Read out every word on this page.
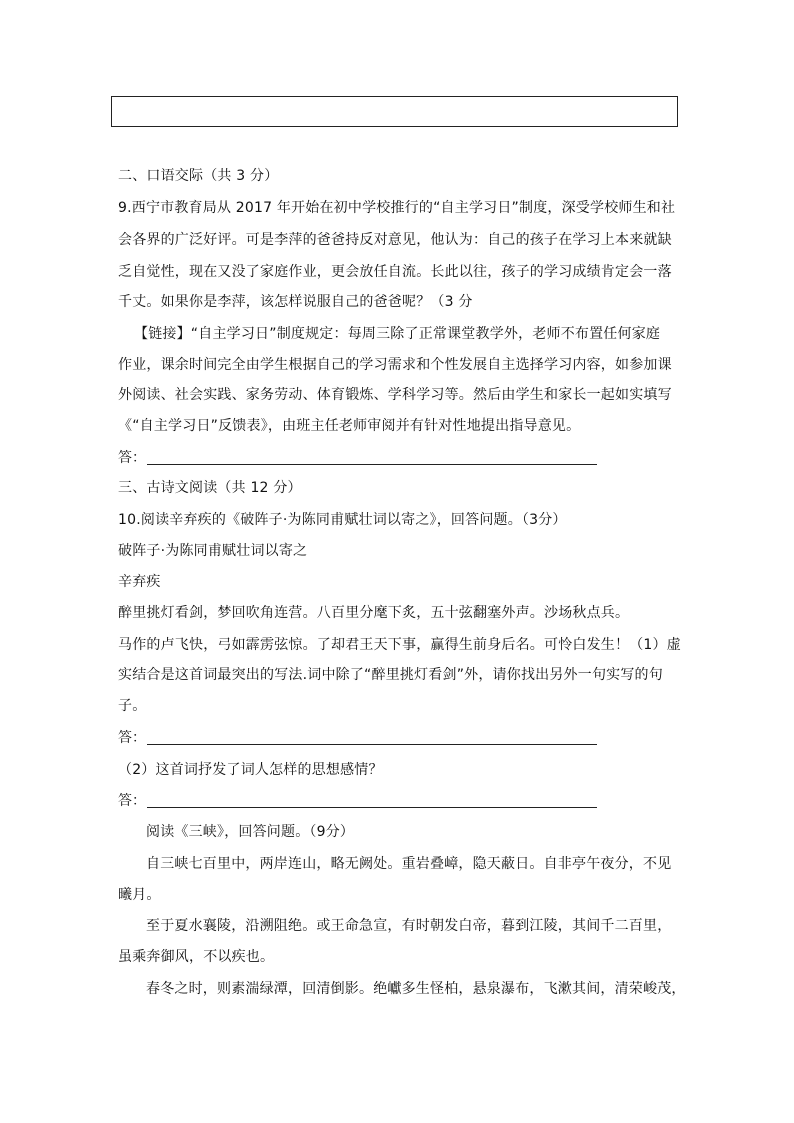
二、口语交际（共 3 分）
9.西宁市教育局从 2017 年开始在初中学校推行的“自主学习日”制度，深受学校师生和社
会各界的广泛好评。可是李萍的爸爸持反对意见，他认为：自己的孩子在学习上本来就缺
乏自觉性，现在又没了家庭作业，更会放任自流。长此以往，孩子的学习成绩肯定会一落
千丈。如果你是李萍，该怎样说服自己的爸爸呢？（3 分
【链接】“自主学习日”制度规定：每周三除了正常课堂教学外，老师不布置任何家庭
作业，课余时间完全由学生根据自己的学习需求和个性发展自主选择学习内容，如参加课
外阅读、社会实践、家务劳动、体育锻炼、学科学习等。然后由学生和家长一起如实填写
《“自主学习日”反馈表》，由班主任老师审阅并有针对性地提出指导意见。
答：
三、古诗文阅读（共 12 分）
10.阅读辛弃疾的《破阵子·为陈同甫赋壮词以寄之》，回答问题。（3分）
破阵子·为陈同甫赋壮词以寄之
辛弃疾
醉里挑灯看剑，梦回吹角连营。八百里分麾下炙，五十弦翻塞外声。沙场秋点兵。
马作的卢飞快，弓如霹雳弦惊。了却君王天下事，赢得生前身后名。可怜白发生！（1）虚
实结合是这首词最突出的写法.词中除了“醉里挑灯看剑”外，请你找出另外一句实写的句
子。
答：
（2）这首词抒发了词人怎样的思想感情？
答：
阅读《三峡》，回答问题。（9分）
自三峡七百里中，两岸连山，略无阙处。重岩叠嶂，隐天蔽日。自非亭午夜分，不见
曦月。
至于夏水襄陵，沿溯阻绝。或王命急宣，有时朝发白帝，暮到江陵，其间千二百里，
虽乘奔御风，不以疾也。
春冬之时，则素湍绿潭，回清倒影。绝巘多生怪柏，悬泉瀑布，飞漱其间，清荣峻茂，
